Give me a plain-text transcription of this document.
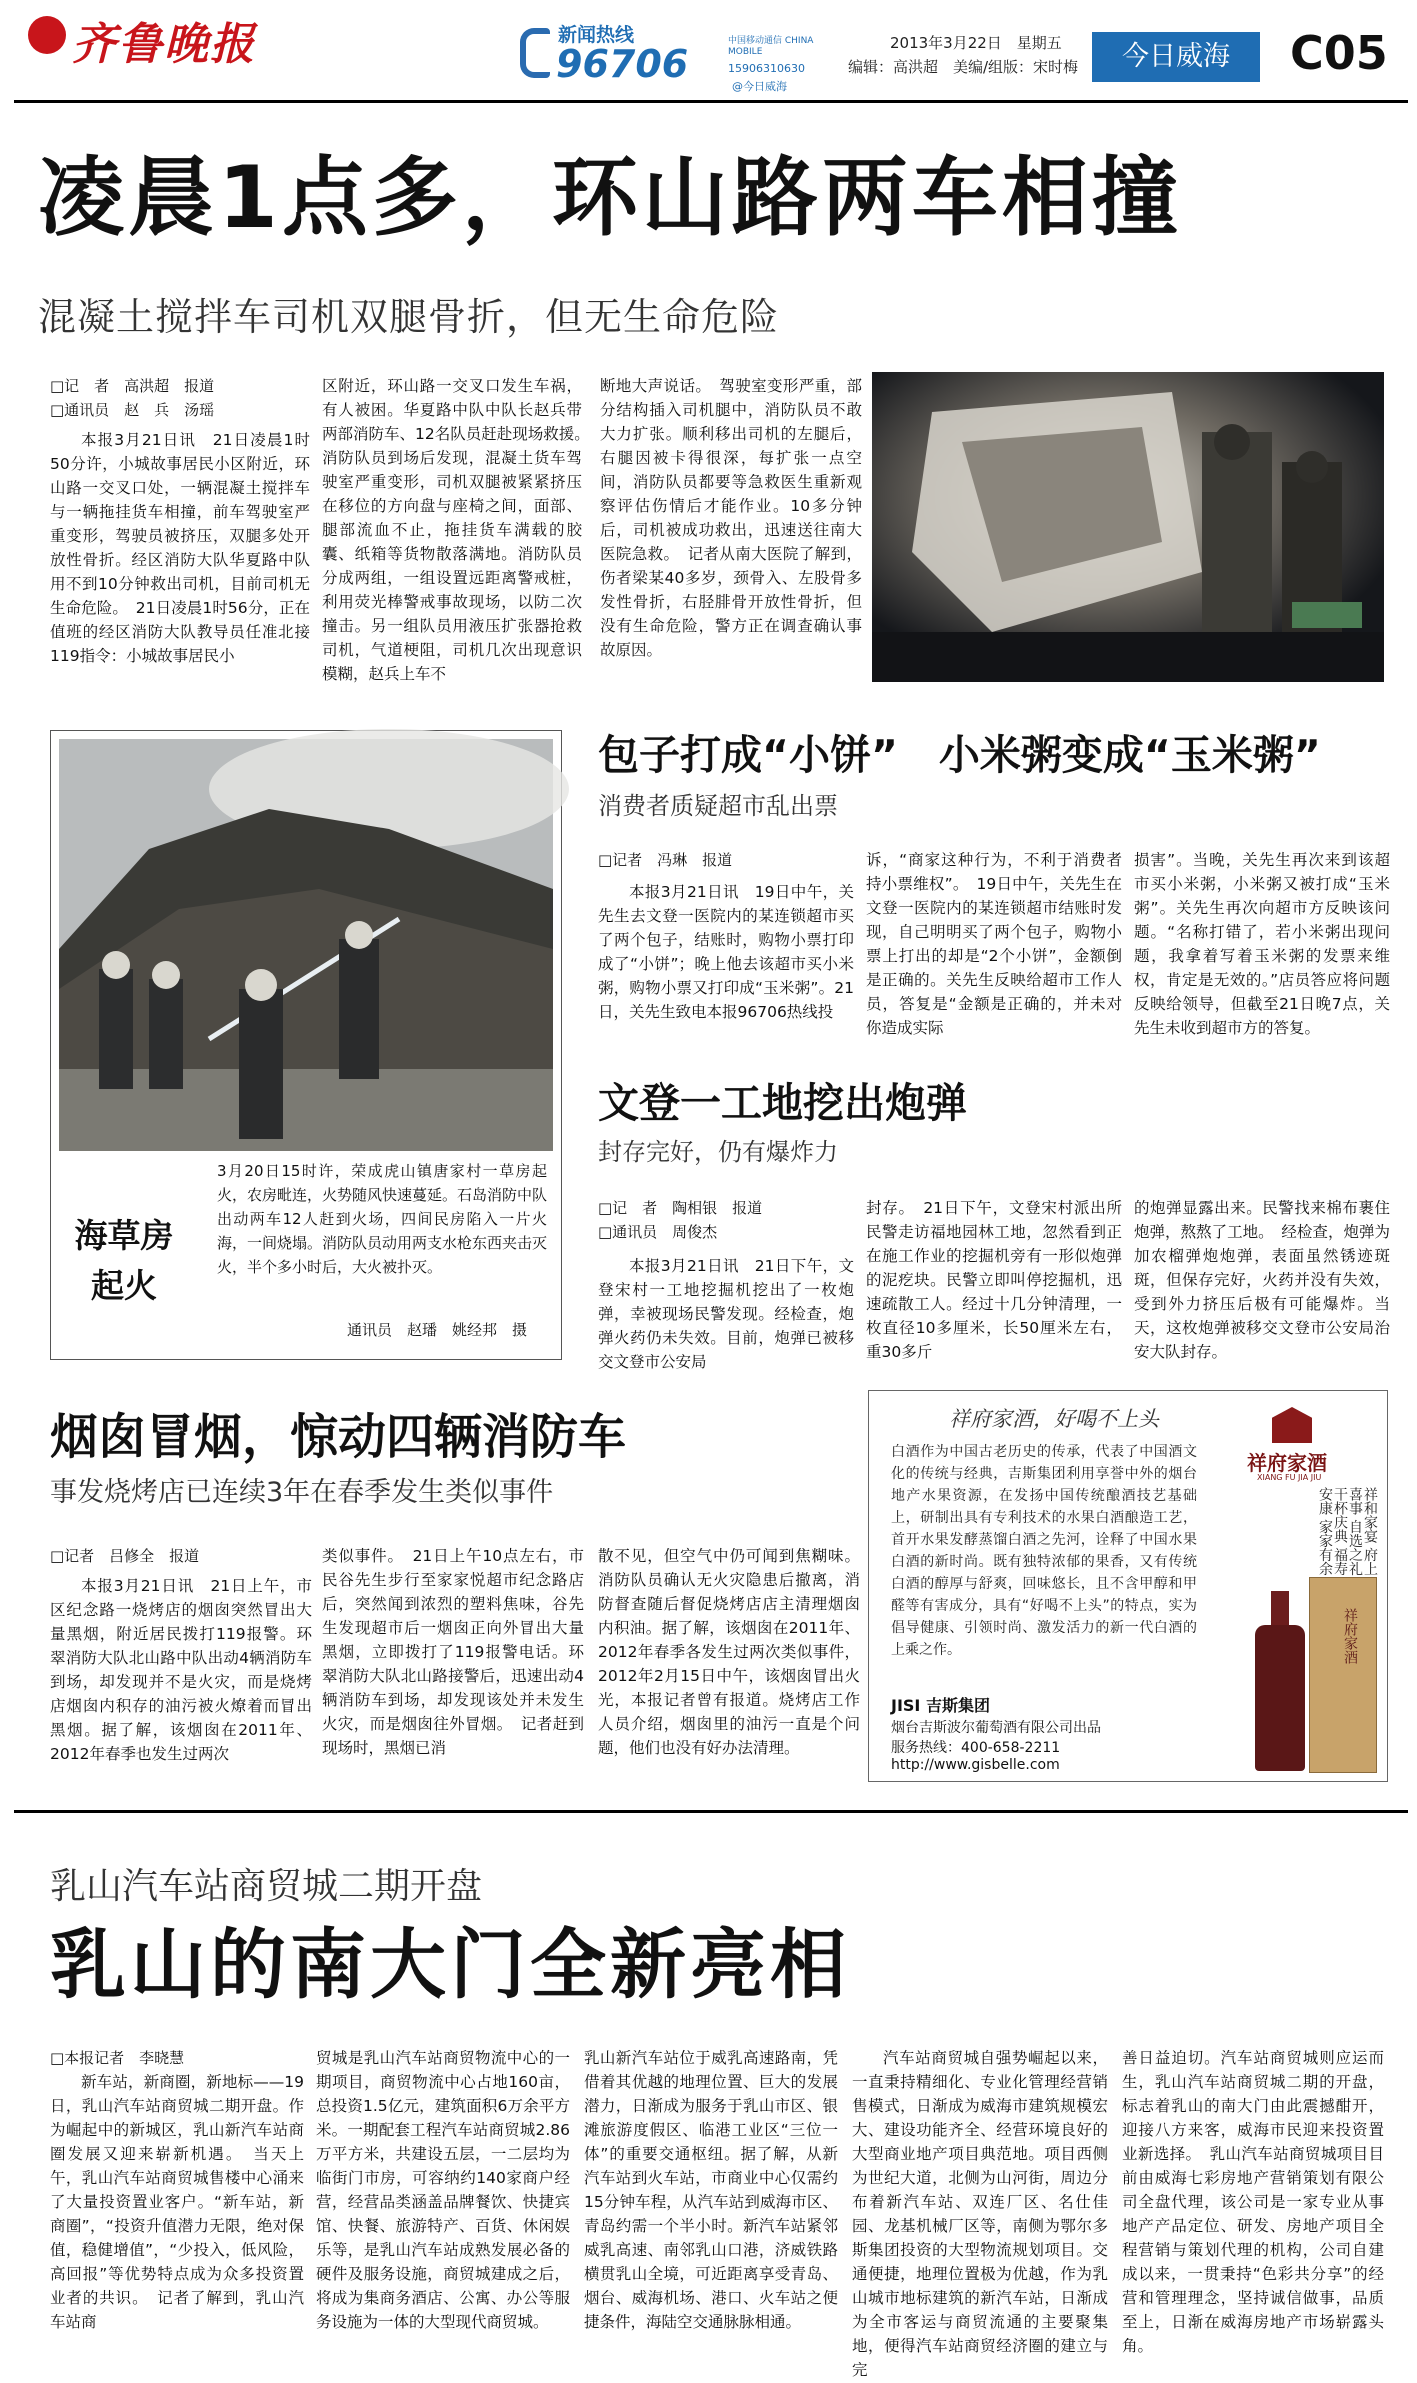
齐鲁晚报	新闻热线
96706
中国移动通信 CHINA MOBILE
15906310630
@今日威海
2013年3月22日　星期五
编辑：高洪超　美编/组版：宋时梅	今日威海	C05
凌晨1点多，环山路两车相撞
混凝土搅拌车司机双腿骨折，但无生命危险
□记　者　高洪超　报道
□通讯员　赵　兵　汤瑶

本报3月21日讯　21日凌晨1时50分许，小城故事居民小区附近，环山路一交叉口处，一辆混凝土搅拌车与一辆拖挂货车相撞，前车驾驶室严重变形，驾驶员被挤压，双腿多处开放性骨折。经区消防大队华夏路中队用不到10分钟救出司机，目前司机无生命危险。　21日凌晨1时56分，正在值班的经区消防大队教导员任准北接119指令：小城故事居民小

区附近，环山路一交叉口发生车祸，有人被困。华夏路中队中队长赵兵带两部消防车、12名队员赶赴现场救援。　消防队员到场后发现，混凝土货车驾驶室严重变形，司机双腿被紧紧挤压在移位的方向盘与座椅之间，面部、腿部流血不止，拖挂货车满载的胶囊、纸箱等货物散落满地。消防队员分成两组，一组设置远距离警戒桩，利用荧光棒警戒事故现场，以防二次撞击。另一组队员用液压扩张器抢救司机，气道梗阻，司机几次出现意识模糊，赵兵上车不

断地大声说话。　驾驶室变形严重，部分结构插入司机腿中，消防队员不敢大力扩张。顺利移出司机的左腿后，右腿因被卡得很深，每扩张一点空间，消防队员都要等急救医生重新观察评估伤情后才能作业。10多分钟后，司机被成功救出，迅速送往南大医院急救。　记者从南大医院了解到，伤者梁某40多岁，颈骨入、左股骨多发性骨折，右胫腓骨开放性骨折，但没有生命危险，警方正在调查确认事故原因。

海草房起火
3月20日15时许，荣成虎山镇唐家村一草房起火，农房毗连，火势随风快速蔓延。石岛消防中队出动两车12人赶到火场，四间民房陷入一片火海，一间烧塌。消防队员动用两支水枪东西夹击灭火，半个多小时后，大火被扑灭。
通讯员　赵璠　姚经邦　摄
包子打成“小饼”　小米粥变成“玉米粥”
消费者质疑超市乱出票
□记者　冯琳　报道

本报3月21日讯　19日中午，关先生去文登一医院内的某连锁超市买了两个包子，结账时，购物小票打印成了“小饼”；晚上他去该超市买小米粥，购物小票又打印成“玉米粥”。21日，关先生致电本报96706热线投

诉，“商家这种行为，不利于消费者持小票维权”。　19日中午，关先生在文登一医院内的某连锁超市结账时发现，自己明明买了两个包子，购物小票上打出的却是“2个小饼”，金额倒是正确的。关先生反映给超市工作人员，答复是“金额是正确的，并未对你造成实际

损害”。当晚，关先生再次来到该超市买小米粥，小米粥又被打成“玉米粥”。关先生再次向超市方反映该问题。“名称打错了，若小米粥出现问题，我拿着写着玉米粥的发票来维权，肯定是无效的。”店员答应将问题反映给领导，但截至21日晚7点，关先生未收到超市方的答复。

文登一工地挖出炮弹
封存完好，仍有爆炸力
□记　者　陶相银　报道
□通讯员　周俊杰

本报3月21日讯　21日下午，文登宋村一工地挖掘机挖出了一枚炮弹，幸被现场民警发现。经检查，炮弹火药仍未失效。目前，炮弹已被移交文登市公安局

封存。　21日下午，文登宋村派出所民警走访福地园林工地，忽然看到正在施工作业的挖掘机旁有一形似炮弹的泥疙块。民警立即叫停挖掘机，迅速疏散工人。经过十几分钟清理，一枚直径10多厘米，长50厘米左右，重30多斤

的炮弹显露出来。民警找来棉布裹住炮弹，熬熬了工地。　经检查，炮弹为加农榴弹炮炮弹，表面虽然锈迹斑斑，但保存完好，火药并没有失效，受到外力挤压后极有可能爆炸。当天，这枚炮弹被移交文登市公安局治安大队封存。

烟囱冒烟，惊动四辆消防车
事发烧烤店已连续3年在春季发生类似事件
□记者　吕修全　报道

本报3月21日讯　21日上午，市区纪念路一烧烤店的烟囱突然冒出大量黑烟，附近居民拨打119报警。环翠消防大队北山路中队出动4辆消防车到场，却发现并不是火灾，而是烧烤店烟囱内积存的油污被火燎着而冒出黑烟。据了解，该烟囱在2011年、2012年春季也发生过两次

类似事件。　21日上午10点左右，市民谷先生步行至家家悦超市纪念路店后，突然闻到浓烈的塑料焦味，谷先生发现超市后一烟囱正向外冒出大量黑烟，立即拨打了119报警电话。环翠消防大队北山路接警后，迅速出动4辆消防车到场，却发现该处并未发生火灾，而是烟囱往外冒烟。　记者赶到现场时，黑烟已消

散不见，但空气中仍可闻到焦糊味。消防队员确认无火灾隐患后撤离，消防督查随后督促烧烤店店主清理烟囱内积油。据了解，该烟囱在2011年、2012年春季各发生过两次类似事件，2012年2月15日中午，该烟囱冒出火光，本报记者曾有报道。烧烤店工作人员介绍，烟囱里的油污一直是个问题，他们也没有好办法清理。

祥府家酒，好喝不上头
白酒作为中国古老历史的传承，代表了中国酒文化的传统与经典，吉斯集团利用享誉中外的烟台地产水果资源，在发扬中国传统酿酒技艺基础上，研制出具有专利技术的水果白酒酿造工艺，首开水果发酵蒸馏白酒之先河，诠释了中国水果白酒的新时尚。既有独特浓郁的果香，又有传统白酒的醇厚与舒爽，回味悠长，且不含甲醇和甲醛等有害成分，具有“好喝不上头”的特点，实为倡导健康、引领时尚、激发活力的新一代白酒的上乘之作。
JISI 吉斯集团
烟台吉斯波尔葡萄酒有限公司出品
服务热线：400-658-2211
http://www.gisbelle.com
祥府家酒
XIANG FU JIA JIU
祥和家宴 府上喜事 自选之礼 干杯庆典 福寿安康 家家有余
祥府家酒
乳山汽车站商贸城二期开盘
乳山的南大门全新亮相
□本报记者　李晓慧

新车站，新商圈，新地标——19日，乳山汽车站商贸城二期开盘。作为崛起中的新城区，乳山新汽车站商圈发展又迎来崭新机遇。　当天上午，乳山汽车站商贸城售楼中心涌来了大量投资置业客户。“新车站，新商圈”，“投资升值潜力无限，绝对保值，稳健增值”，“少投入，低风险，高回报”等优势特点成为众多投资置业者的共识。　记者了解到，乳山汽车站商

贸城是乳山汽车站商贸物流中心的一期项目，商贸物流中心占地160亩，总投资1.5亿元，建筑面积6万余平方米。一期配套工程汽车站商贸城2.86万平方米，共建设五层，一二层均为临街门市房，可容纳约140家商户经营，经营品类涵盖品牌餐饮、快捷宾馆、快餐、旅游特产、百货、休闲娱乐等，是乳山汽车站成熟发展必备的硬件及服务设施，商贸城建成之后，将成为集商务酒店、公寓、办公等服务设施为一体的大型现代商贸城。

乳山新汽车站位于威乳高速路南，凭借着其优越的地理位置、巨大的发展潜力，日渐成为服务于乳山市区、银滩旅游度假区、临港工业区“三位一体”的重要交通枢纽。据了解，从新汽车站到火车站，市商业中心仅需约15分钟车程，从汽车站到威海市区、青岛约需一个半小时。新汽车站紧邻威乳高速、南邻乳山口港，济威铁路横贯乳山全境，可近距离享受青岛、烟台、威海机场、港口、火车站之便捷条件，海陆空交通脉脉相通。

汽车站商贸城自强势崛起以来，一直秉持精细化、专业化管理经营销售模式，日渐成为威海市建筑规模宏大、建设功能齐全、经营环境良好的大型商业地产项目典范地。项目西侧为世纪大道，北侧为山河街，周边分布着新汽车站、双连厂区、名仕佳园、龙基机械厂区等，南侧为鄂尔多斯集团投资的大型物流规划项目。交通便捷，地理位置极为优越，作为乳山城市地标建筑的新汽车站，日渐成为全市客运与商贸流通的主要聚集地，便得汽车站商贸经济圈的建立与完

善日益迫切。汽车站商贸城则应运而生，乳山汽车站商贸城二期的开盘，标志着乳山的南大门由此震撼酣开，迎接八方来客，威海市民迎来投资置业新选择。　乳山汽车站商贸城项目目前由威海七彩房地产营销策划有限公司全盘代理，该公司是一家专业从事地产产品定位、研发、房地产项目全程营销与策划代理的机构，公司自建成以来，一贯秉持“色彩共分享”的经营和管理理念，坚持诚信做事，品质至上，日渐在威海房地产市场崭露头角。
